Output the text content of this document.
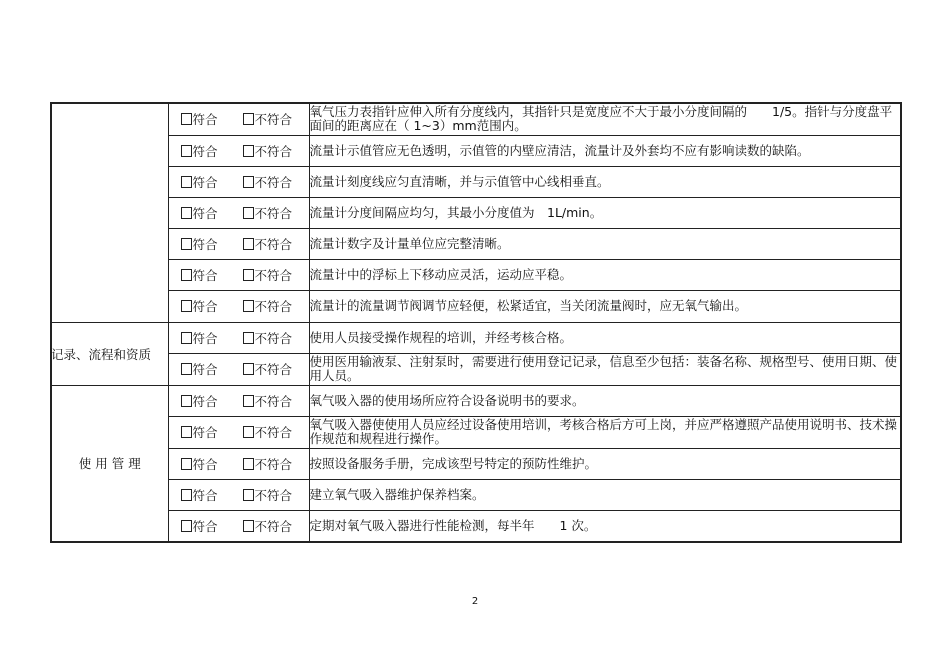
	符合 不符合	氧气压力表指针应伸入所有分度线内，其指针只是宽度应不大于最小分度间隔的　　1/5。指针与分度盘平面间的距离应在（ 1~3）mm范围内。
	符合 不符合	流量计示值管应无色透明，示值管的内壁应清洁，流量计及外套均不应有影响读数的缺陷。
	符合 不符合	流量计刻度线应匀直清晰，并与示值管中心线相垂直。
	符合 不符合	流量计分度间隔应均匀，其最小分度值为　1L/min。
	符合 不符合	流量计数字及计量单位应完整清晰。
	符合 不符合	流量计中的浮标上下移动应灵活，运动应平稳。
	符合 不符合	流量计的流量调节阀调节应轻便，松紧适宜，当关闭流量阀时，应无氧气输出。

记录、流程和资质	符合 不符合	使用人员接受操作规程的培训，并经考核合格。
	符合 不符合	使用医用输液泵、注射泵时，需要进行使用登记记录，信息至少包括：装备名称、规格型号、使用日期、使用人员。
使 用 管 理	符合 不符合	氧气吸入器的使用场所应符合设备说明书的要求。
	符合 不符合	氧气吸入器使使用人员应经过设备使用培训，考核合格后方可上岗，并应严格遵照产品使用说明书、技术操作规范和规程进行操作。
	符合 不符合	按照设备服务手册，完成该型号特定的预防性维护。
	符合 不符合	建立氧气吸入器维护保养档案。
	符合 不符合	定期对氧气吸入器进行性能检测，每半年　　1 次。
2
